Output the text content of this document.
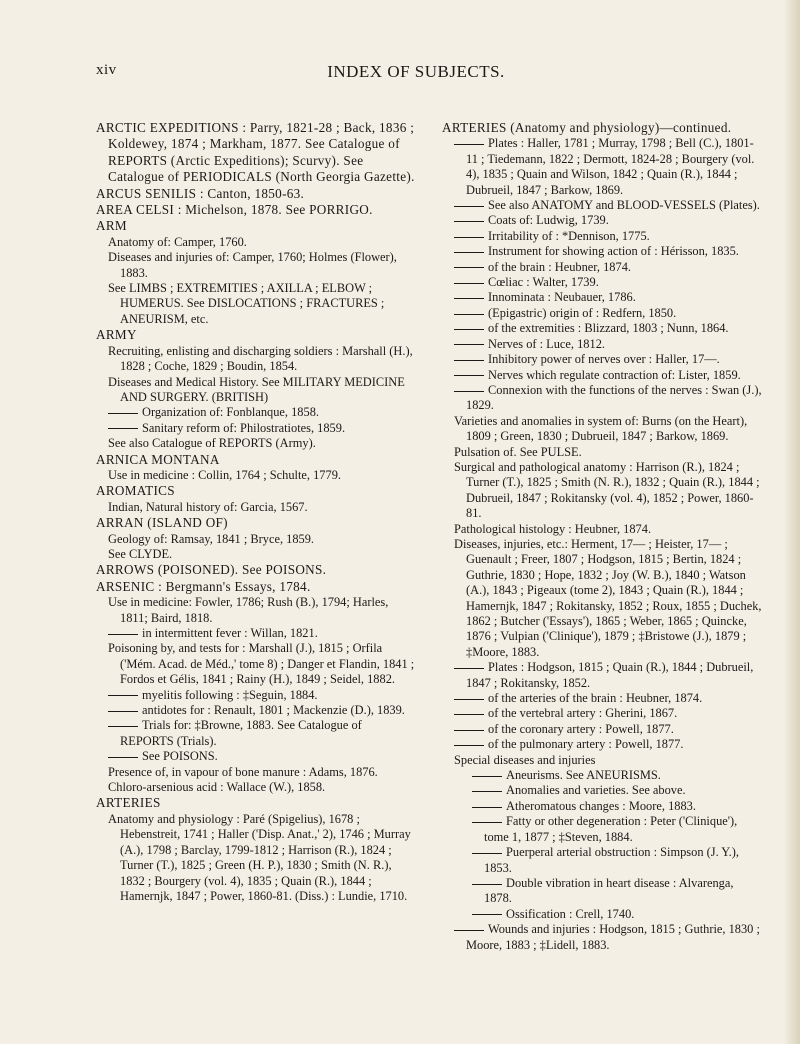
xiv	INDEX OF SUBJECTS.
ARCTIC EXPEDITIONS : Parry, 1821-28 ; Back, 1836 ; Koldewey, 1874 ; Markham, 1877. See Catalogue of REPORTS (Arctic Expeditions); Scurvy). See Catalogue of PERIODICALS (North Georgia Gazette).
ARCUS SENILIS : Canton, 1850-63.
AREA CELSI : Michelson, 1878. See PORRIGO.
ARM
Anatomy of: Camper, 1760.
Diseases and injuries of: Camper, 1760; Holmes (Flower), 1883.
See LIMBS ; EXTREMITIES ; AXILLA ; ELBOW ; HUMERUS. See DISLOCATIONS ; FRACTURES ; ANEURISM, etc.
ARMY
Recruiting, enlisting and discharging soldiers : Marshall (H.), 1828 ; Coche, 1829 ; Boudin, 1854.
Diseases and Medical History. See MILITARY MEDICINE AND SURGERY. (BRITISH)
Organization of: Fonblanque, 1858.
Sanitary reform of: Philostratiotes, 1859.
See also Catalogue of REPORTS (Army).
ARNICA MONTANA
Use in medicine : Collin, 1764 ; Schulte, 1779.
AROMATICS
Indian, Natural history of: Garcia, 1567.
ARRAN (ISLAND OF)
Geology of: Ramsay, 1841 ; Bryce, 1859.
See CLYDE.
ARROWS (POISONED). See POISONS.
ARSENIC : Bergmann's Essays, 1784.
Use in medicine: Fowler, 1786; Rush (B.), 1794; Harles, 1811; Baird, 1818.
in intermittent fever : Willan, 1821.
Poisoning by, and tests for : Marshall (J.), 1815 ; Orfila ('Mém. Acad. de Méd.,' tome 8) ; Danger et Flandin, 1841 ; Fordos et Gélis, 1841 ; Rainy (H.), 1849 ; Seidel, 1882.
myelitis following : ‡Seguin, 1884.
antidotes for : Renault, 1801 ; Mackenzie (D.), 1839.
Trials for: ‡Browne, 1883. See Catalogue of REPORTS (Trials).
See POISONS.
Presence of, in vapour of bone manure : Adams, 1876.
Chloro-arsenious acid : Wallace (W.), 1858.
ARTERIES
Anatomy and physiology : Paré (Spigelius), 1678 ; Hebenstreit, 1741 ; Haller ('Disp. Anat.,' 2), 1746 ; Murray (A.), 1798 ; Barclay, 1799-1812 ; Harrison (R.), 1824 ; Turner (T.), 1825 ; Green (H. P.), 1830 ; Smith (N. R.), 1832 ; Bourgery (vol. 4), 1835 ; Quain (R.), 1844 ; Hamernjk, 1847 ; Power, 1860-81. (Diss.) : Lundie, 1710.
ARTERIES (Anatomy and physiology)—continued.
Plates : Haller, 1781 ; Murray, 1798 ; Bell (C.), 1801-11 ; Tiedemann, 1822 ; Dermott, 1824-28 ; Bourgery (vol. 4), 1835 ; Quain and Wilson, 1842 ; Quain (R.), 1844 ; Dubrueil, 1847 ; Barkow, 1869.
See also ANATOMY and BLOOD-VESSELS (Plates).
Coats of: Ludwig, 1739.
Irritability of : *Dennison, 1775.
Instrument for showing action of : Hérisson, 1835.
of the brain : Heubner, 1874.
Cœliac : Walter, 1739.
Innominata : Neubauer, 1786.
(Epigastric) origin of : Redfern, 1850.
of the extremities : Blizzard, 1803 ; Nunn, 1864.
Nerves of : Luce, 1812.
Inhibitory power of nerves over : Haller, 17—.
Nerves which regulate contraction of: Lister, 1859.
Connexion with the functions of the nerves : Swan (J.), 1829.
Varieties and anomalies in system of: Burns (on the Heart), 1809 ; Green, 1830 ; Dubrueil, 1847 ; Barkow, 1869.
Pulsation of. See PULSE.
Surgical and pathological anatomy : Harrison (R.), 1824 ; Turner (T.), 1825 ; Smith (N. R.), 1832 ; Quain (R.), 1844 ; Dubrueil, 1847 ; Rokitansky (vol. 4), 1852 ; Power, 1860-81.
Pathological histology : Heubner, 1874.
Diseases, injuries, etc.: Herment, 17— ; Heister, 17— ; Guenault ; Freer, 1807 ; Hodgson, 1815 ; Bertin, 1824 ; Guthrie, 1830 ; Hope, 1832 ; Joy (W. B.), 1840 ; Watson (A.), 1843 ; Pigeaux (tome 2), 1843 ; Quain (R.), 1844 ; Hamernjk, 1847 ; Rokitansky, 1852 ; Roux, 1855 ; Duchek, 1862 ; Butcher ('Essays'), 1865 ; Weber, 1865 ; Quincke, 1876 ; Vulpian ('Clinique'), 1879 ; ‡Bristowe (J.), 1879 ; ‡Moore, 1883.
Plates : Hodgson, 1815 ; Quain (R.), 1844 ; Dubrueil, 1847 ; Rokitansky, 1852.
of the arteries of the brain : Heubner, 1874.
of the vertebral artery : Gherini, 1867.
of the coronary artery : Powell, 1877.
of the pulmonary artery : Powell, 1877.
Special diseases and injuries
Aneurisms. See ANEURISMS.
Anomalies and varieties. See above.
Atheromatous changes : Moore, 1883.
Fatty or other degeneration : Peter ('Clinique'), tome 1, 1877 ; ‡Steven, 1884.
Puerperal arterial obstruction : Simpson (J. Y.), 1853.
Double vibration in heart disease : Alvarenga, 1878.
Ossification : Crell, 1740.
Wounds and injuries : Hodgson, 1815 ; Guthrie, 1830 ; Moore, 1883 ; ‡Lidell, 1883.
